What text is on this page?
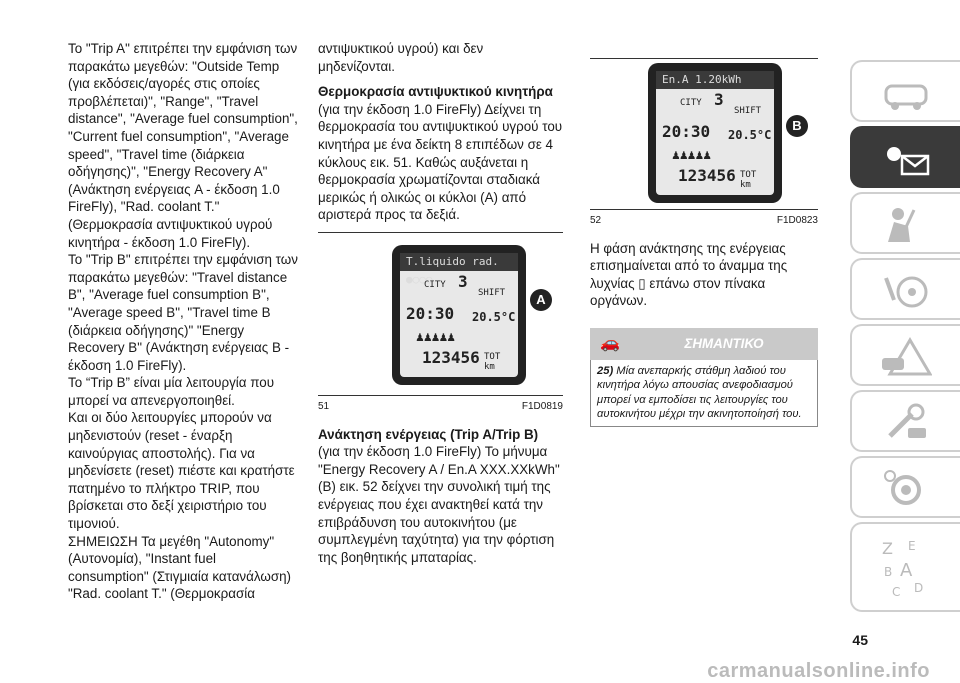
Το "Trip A" επιτρέπει την εμφάνιση των παρακάτω μεγεθών: "Outside Temp (για εκδόσεις/αγορές στις οποίες προβλέπεται)", "Range", "Travel distance", "Average fuel consumption", "Current fuel consumption", "Average speed", "Travel time (διάρκεια οδήγησης)", "Energy Recovery A" (Ανάκτηση ενέργειας A - έκδοση 1.0 FireFly), "Rad. coolant T." (Θερμοκρασία αντιψυκτικού υγρού κινητήρα - έκδοση 1.0 FireFly).

Το "Trip B" επιτρέπει την εμφάνιση των παρακάτω μεγεθών: "Travel distance B", "Average fuel consumption B", "Average speed B", "Travel time B (διάρκεια οδήγησης)" "Energy Recovery B" (Ανάκτηση ενέργειας B - έκδοση 1.0 FireFly).

Το “Trip B” είναι μία λειτουργία που μπορεί να απενεργοποιηθεί.

Και οι δύο λειτουργίες μπορούν να μηδενιστούν (reset - έναρξη καινούργιας αποστολής). Για να μηδενίσετε (reset) πιέστε και κρατήστε πατημένο το πλήκτρο TRIP, που βρίσκεται στο δεξί χειριστήριο του τιμονιού.

ΣΗΜΕΙΩΣΗ Τα μεγέθη "Autonomy" (Αυτονομία), "Instant fuel consumption" (Στιγμιαία κατανάλωση) "Rad. coolant T." (Θερμοκρασία

αντιψυκτικού υγρού) και δεν μηδενίζονται.

Θερμοκρασία αντιψυκτικού κινητήρα

(για την έκδοση 1.0 FireFly) Δείχνει τη θερμοκρασία του αντιψυκτικού υγρού του κινητήρα με ένα δείκτη 8 επιπέδων σε 4 κύκλους εικ. 51. Καθώς αυξάνεται η θερμοκρασία χρωματίζονται σταδιακά μερικώς ή ολικώς οι κύκλοι (A) από αριστερά προς τα δεξιά.

T.liquido rad. ●○○○
CITY 3
SHIFT
20:30 20.5°C
♟♟♟♟♟
123456 TOT
km
A
51	F1D0819

Ανάκτηση ενέργειας (Trip A/Trip B)

(για την έκδοση 1.0 FireFly) Το μήνυμα "Energy Recovery A / En.A XXX.XXkWh" (B) εικ. 52 δείχνει την συνολική τιμή της ενέργειας που έχει ανακτηθεί κατά την επιβράδυνση του αυτοκινήτου (με συμπλεγμένη ταχύτητα) για την φόρτιση της βοηθητικής μπαταρίας.

En.A 1.20kWh
CITY 3
SHIFT
20:30 20.5°C
♟♟♟♟♟
123456 TOT
km
B
52	F1D0823

Η φάση ανάκτησης της ενέργειας επισημαίνεται από το άναμμα της λυχνίας ▯ επάνω στον πίνακα οργάνων.

🚗	ΣΗΜΑΝΤΙΚΟ
25) Μία ανεπαρκής στάθμη λαδιού του κινητήρα λόγω απουσίας ανεφοδιασμού μπορεί να εμποδίσει τις λειτουργίες του αυτοκινήτου μέχρι την ακινητοποίησή του.
Z E
B A
C D
45
carmanualsonline.info
